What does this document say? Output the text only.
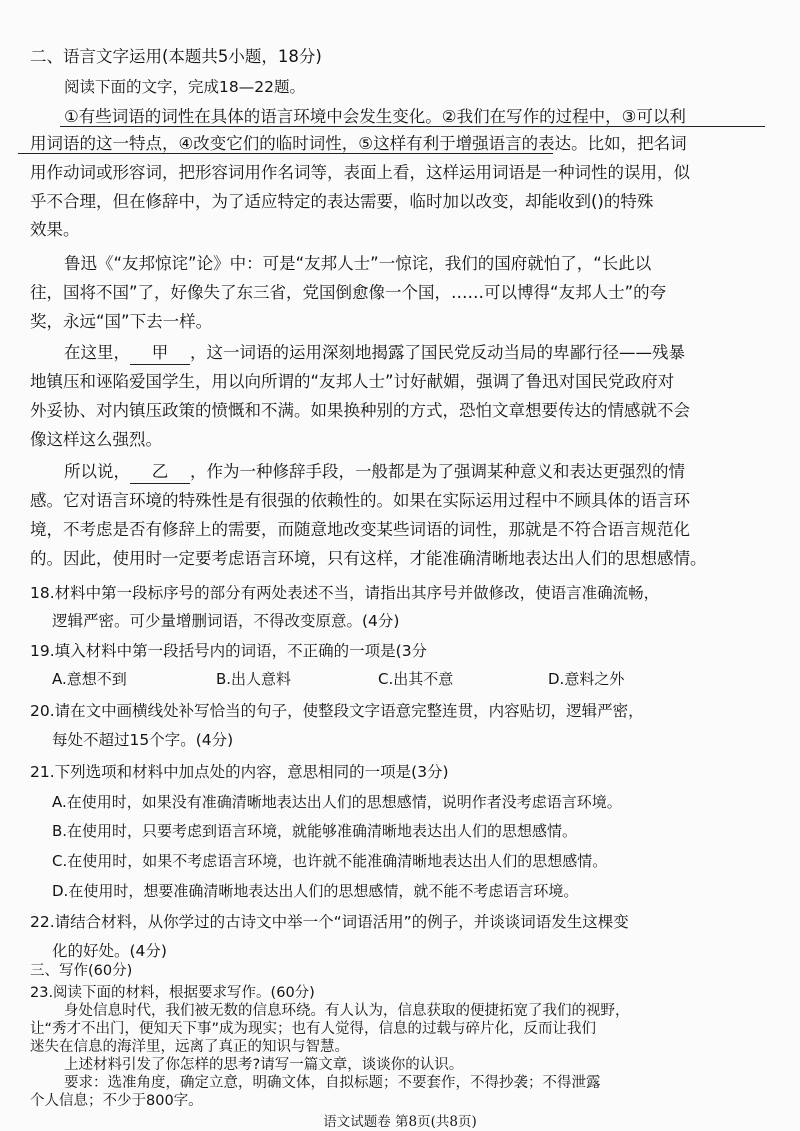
二、语言文字运用(本题共5小题，18分)
阅读下面的文字，完成18—22题。
①有些词语的词性在具体的语言环境中会发生变化。②我们在写作的过程中，③可以利
用词语的这一特点，④改变它们的临时词性，⑤这样有利于增强语言的表达。比如，把名词
用作动词或形容词，把形容词用作名词等，表面上看，这样运用词语是一种词性的误用，似
乎不合理，但在修辞中，为了适应特定的表达需要，临时加以改变，却能收到()的特殊
效果。
鲁迅《“友邦惊诧”论》中：可是“友邦人士”一惊诧，我们的国府就怕了，“长此以
往，国将不国”了，好像失了东三省，党国倒愈像一个国，……可以博得“友邦人士”的夸
奖，永远“国”下去一样。
在这里， 甲 ，这一词语的运用深刻地揭露了国民党反动当局的卑鄙行径——残暴
地镇压和诬陷爱国学生，用以向所谓的“友邦人士”讨好献媚，强调了鲁迅对国民党政府对
外妥协、对内镇压政策的愤慨和不满。如果换种别的方式，恐怕文章想要传达的情感就不会
像这样这么强烈。
所以说， 乙 ，作为一种修辞手段，一般都是为了强调某种意义和表达更强烈的情
感。它对语言环境的特殊性是有很强的依赖性的。如果在实际运用过程中不顾具体的语言环
境，不考虑是否有修辞上的需要，而随意地改变某些词语的词性，那就是不符合语言规范化
的。因此，使用时一定要考虑语言环境，只有这样，才能准确清晰地表达出人们的思想感情。
18.材料中第一段标序号的部分有两处表述不当，请指出其序号并做修改，使语言准确流畅，
逻辑严密。可少量增删词语，不得改变原意。(4分)
19.填入材料中第一段括号内的词语，不正确的一项是(3分
A.意想不到	B.出人意料	C.出其不意	D.意料之外
20.请在文中画横线处补写恰当的句子，使整段文字语意完整连贯，内容贴切，逻辑严密，
每处不超过15个字。(4分)
21.下列选项和材料中加点处的内容，意思相同的一项是(3分)
A.在使用时，如果没有准确清晰地表达出人们的思想感情，说明作者没考虑语言环境。
B.在使用时，只要考虑到语言环境，就能够准确清晰地表达出人们的思想感情。
C.在使用时，如果不考虑语言环境，也许就不能准确清晰地表达出人们的思想感情。
D.在使用时，想要准确清晰地表达出人们的思想感情，就不能不考虑语言环境。
22.请结合材料，从你学过的古诗文中举一个“词语活用”的例子，并谈谈词语发生这棵变
化的好处。(4分)
三、写作(60分)
23.阅读下面的材料，根据要求写作。(60分)
身处信息时代，我们被无数的信息环绕。有人认为，信息获取的便捷拓宽了我们的视野，
让“秀才不出门，便知天下事”成为现实；也有人觉得，信息的过载与碎片化，反而让我们
语文试题卷 第8页(共8页)
迷失在信息的海洋里，远离了真正的知识与智慧。
上述材料引发了你怎样的思考?请写一篇文章，谈谈你的认识。
要求：选准角度，确定立意，明确文体，自拟标题；不要套作，不得抄袭；不得泄露
个人信息；不少于800字。
